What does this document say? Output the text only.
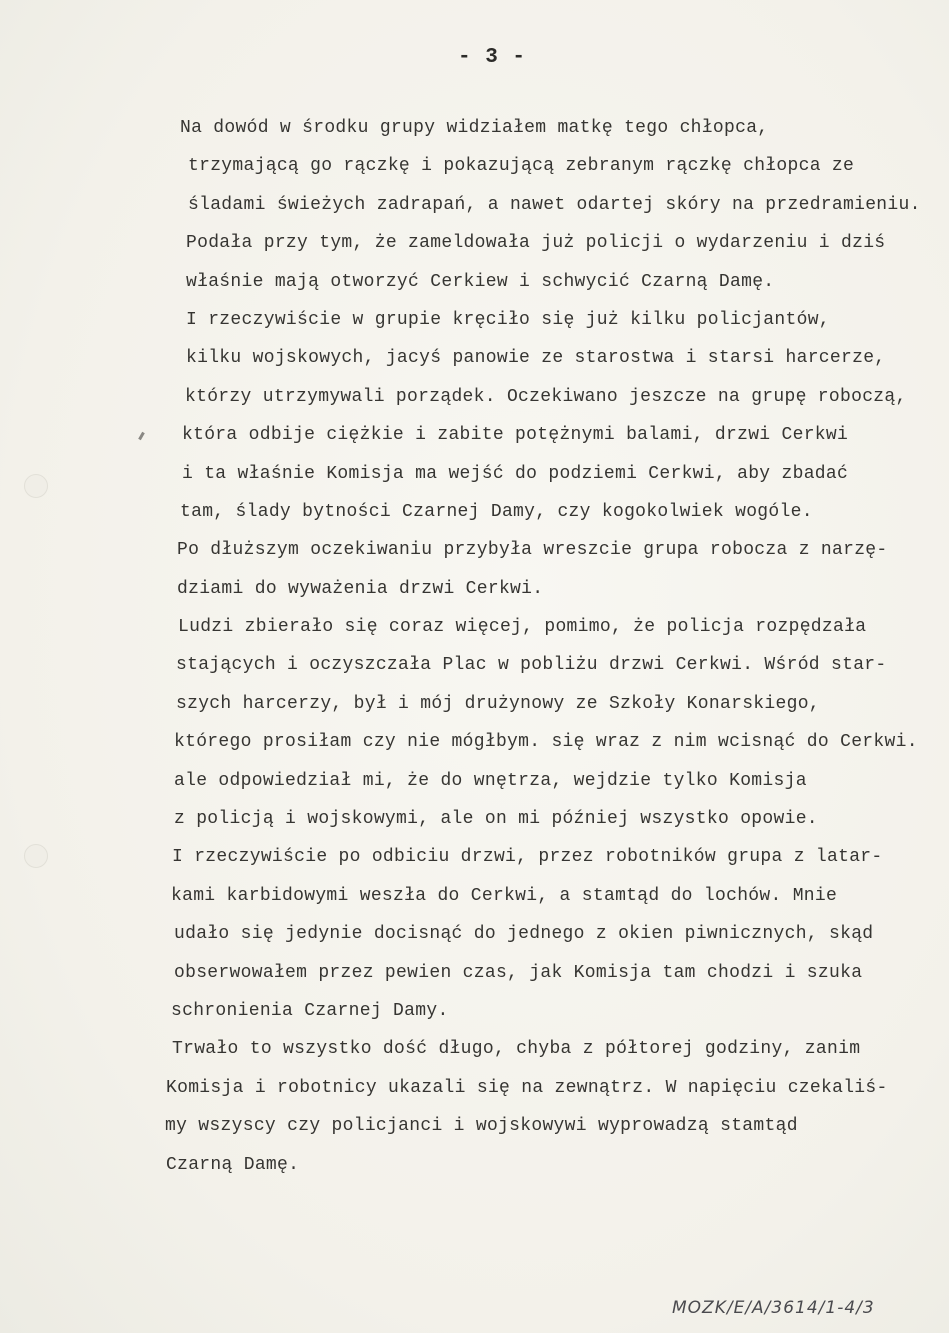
- 3 -
Na dowód w środku grupy widziałem matkę tego chłopca,
trzymającą go rączkę i pokazującą zebranym rączkę chłopca ze
śladami świeżych zadrapań, a nawet odartej skóry na przedramieniu.
Podała przy tym, że zameldowała już policji o wydarzeniu i dziś
właśnie mają otworzyć Cerkiew i schwycić Czarną Damę.
I rzeczywiście w grupie kręciło się już kilku policjantów,
kilku wojskowych, jacyś panowie ze starostwa i starsi harcerze,
którzy utrzymywali porządek. Oczekiwano jeszcze na grupę roboczą,
która odbije ciężkie i zabite potężnymi balami, drzwi Cerkwi
i ta właśnie Komisja ma wejść do podziemi Cerkwi, aby zbadać
tam, ślady bytności Czarnej Damy, czy kogokolwiek wogóle.
Po dłuższym oczekiwaniu przybyła wreszcie grupa robocza z narzę-
dziami do wyważenia drzwi Cerkwi.
Ludzi zbierało się coraz więcej, pomimo, że policja rozpędzała
stających i oczyszczała Plac w pobliżu drzwi Cerkwi. Wśród star-
szych harcerzy, był i mój drużynowy ze Szkoły Konarskiego,
którego prosiłam czy nie mógłbym. się wraz z nim wcisnąć do Cerkwi.
ale odpowiedział mi, że do wnętrza, wejdzie tylko Komisja
z policją i wojskowymi, ale on mi później wszystko opowie.
I rzeczywiście po odbiciu drzwi, przez robotników grupa z latar-
kami karbidowymi weszła do Cerkwi, a stamtąd do lochów. Mnie
udało się jedynie docisnąć do jednego z okien piwnicznych, skąd
obserwowałem przez pewien czas, jak Komisja tam chodzi i szuka
schronienia Czarnej Damy.
Trwało to wszystko dość długo, chyba z półtorej godziny, zanim
Komisja i robotnicy ukazali się na zewnątrz. W napięciu czekaliś-
my wszyscy czy policjanci i wojskowywi wyprowadzą stamtąd
Czarną Damę.
MOZK/E/A/3614/1-4/3
